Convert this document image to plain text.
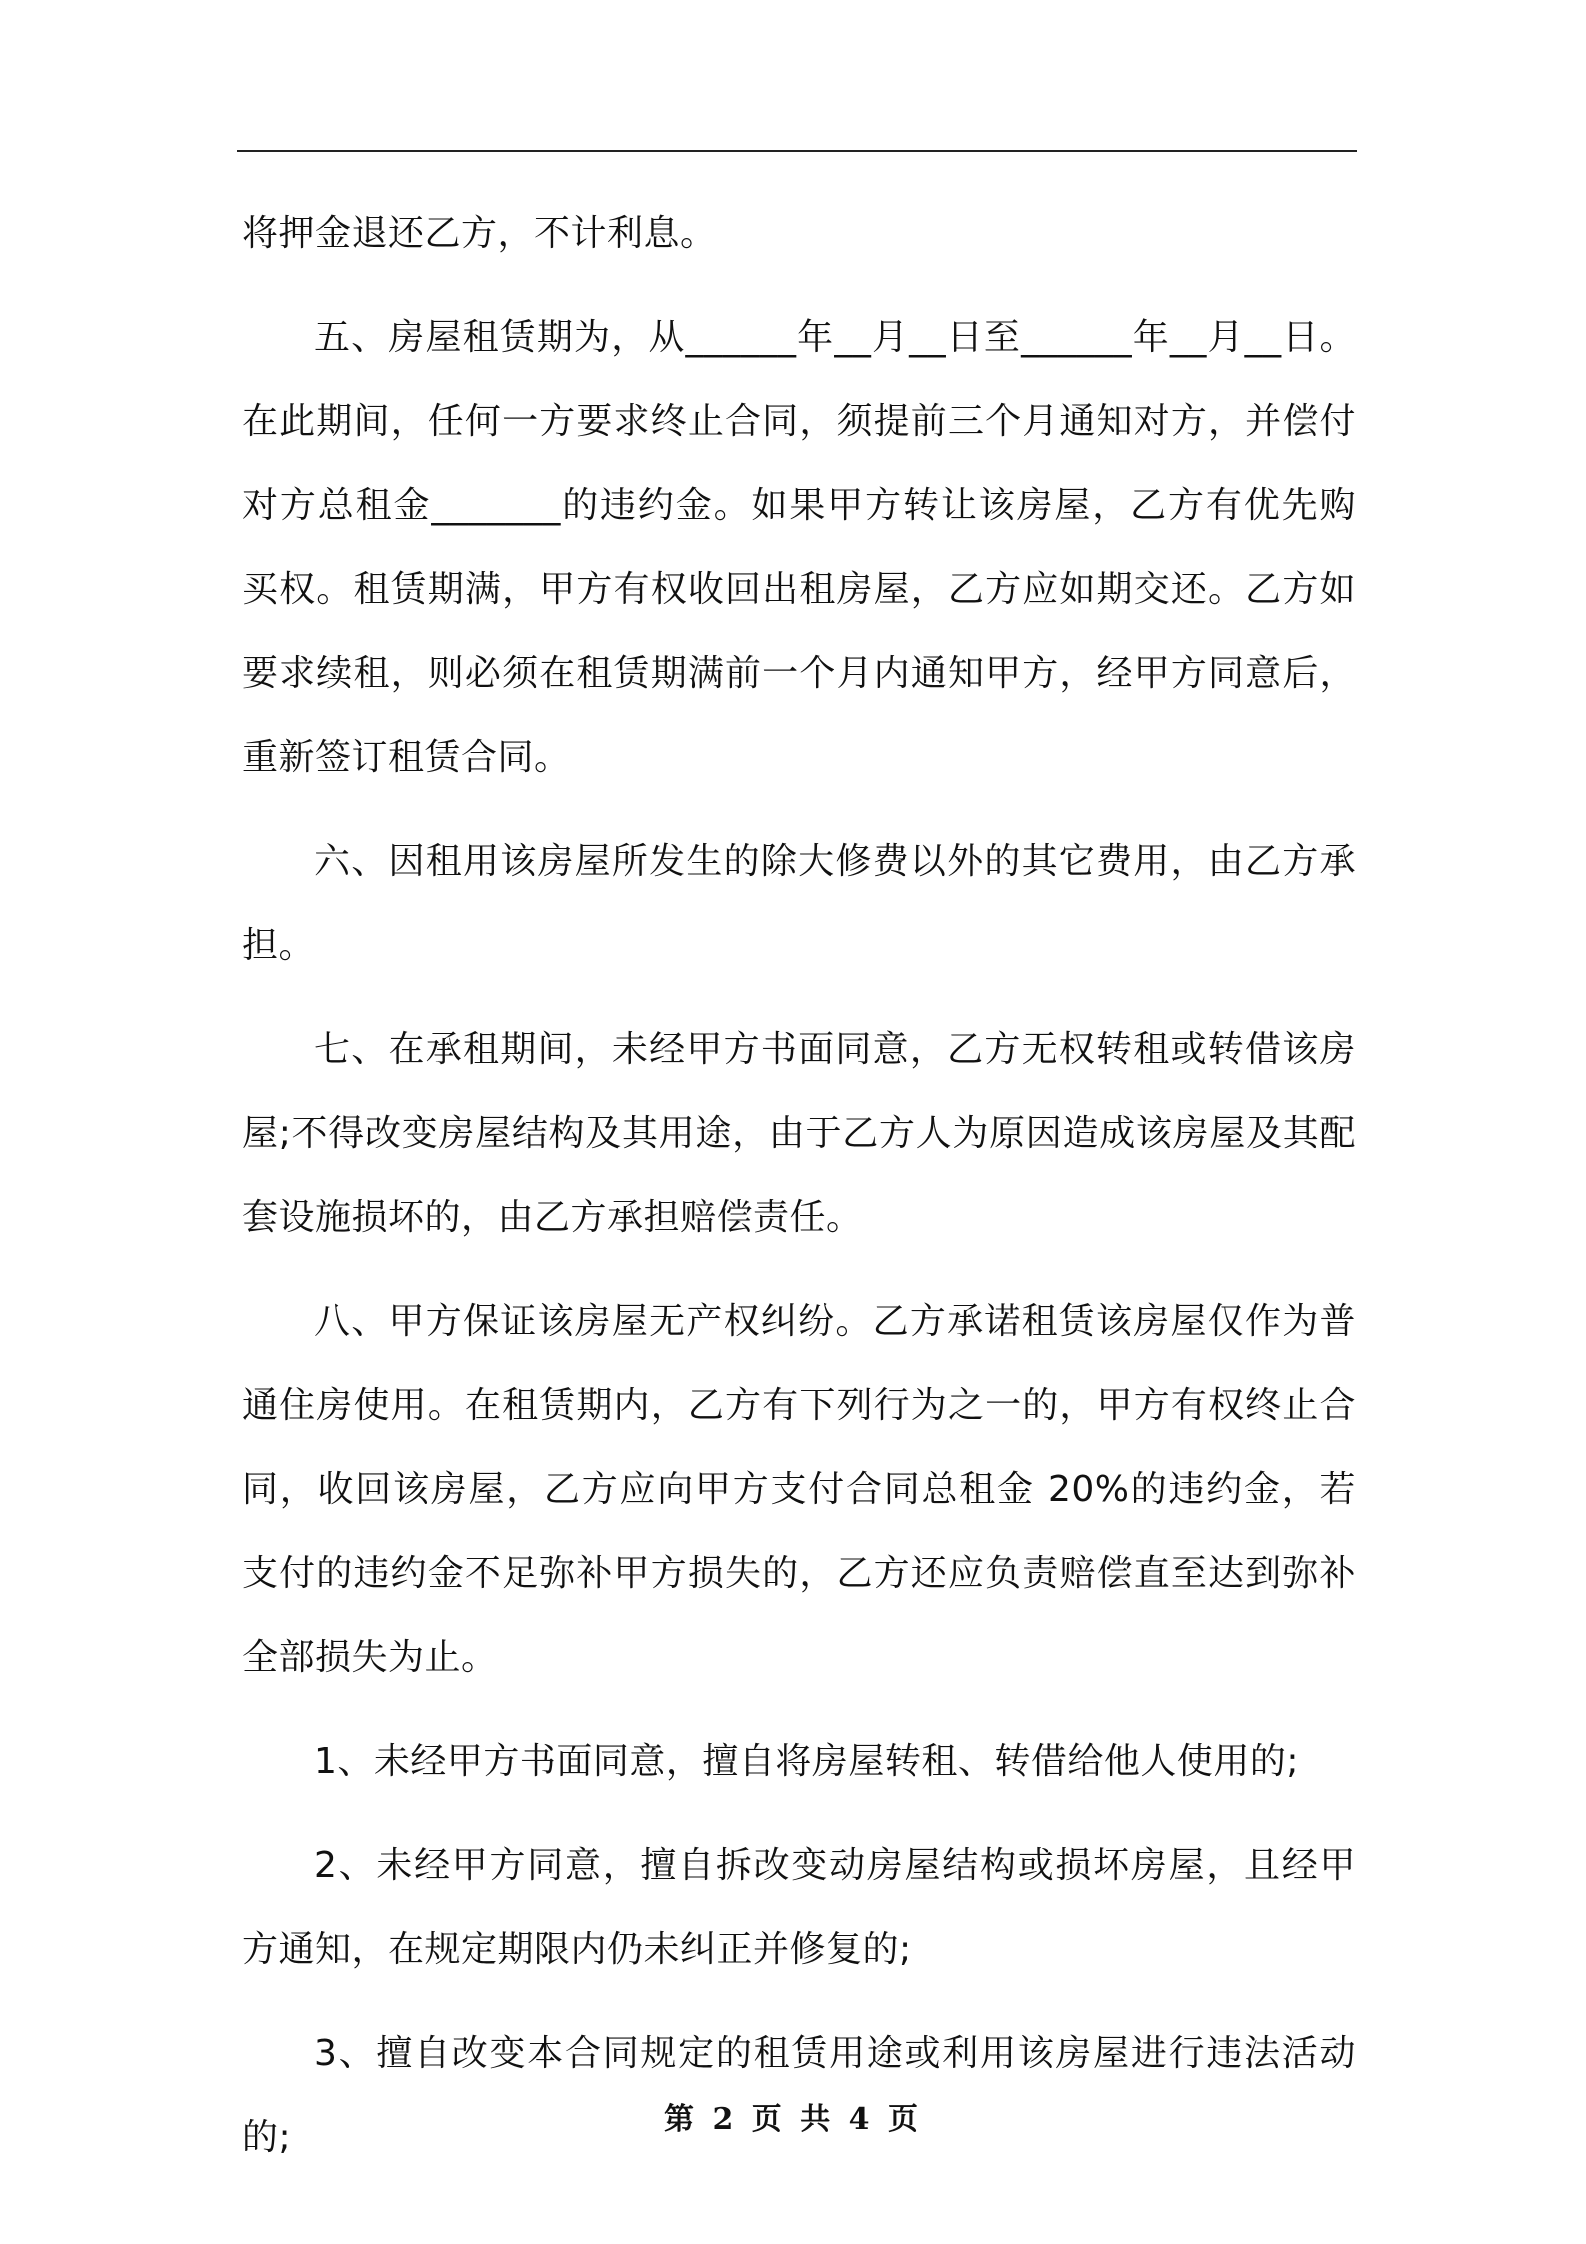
将押金退还乙方，不计利息。

五、房屋租赁期为，从______年__月__日至______年__月__日。在此期间，任何一方要求终止合同，须提前三个月通知对方，并偿付对方总租金_______的违约金。如果甲方转让该房屋，乙方有优先购买权。租赁期满，甲方有权收回出租房屋，乙方应如期交还。乙方如要求续租，则必须在租赁期满前一个月内通知甲方，经甲方同意后，重新签订租赁合同。

六、因租用该房屋所发生的除大修费以外的其它费用，由乙方承担。

七、在承租期间，未经甲方书面同意，乙方无权转租或转借该房屋;不得改变房屋结构及其用途，由于乙方人为原因造成该房屋及其配套设施损坏的，由乙方承担赔偿责任。

八、甲方保证该房屋无产权纠纷。乙方承诺租赁该房屋仅作为普通住房使用。在租赁期内，乙方有下列行为之一的，甲方有权终止合同，收回该房屋，乙方应向甲方支付合同总租金 20%的违约金，若支付的违约金不足弥补甲方损失的，乙方还应负责赔偿直至达到弥补全部损失为止。

1、未经甲方书面同意，擅自将房屋转租、转借给他人使用的;

2、未经甲方同意，擅自拆改变动房屋结构或损坏房屋，且经甲方通知，在规定期限内仍未纠正并修复的;

3、擅自改变本合同规定的租赁用途或利用该房屋进行违法活动的;	第 2 页 共 4 页
